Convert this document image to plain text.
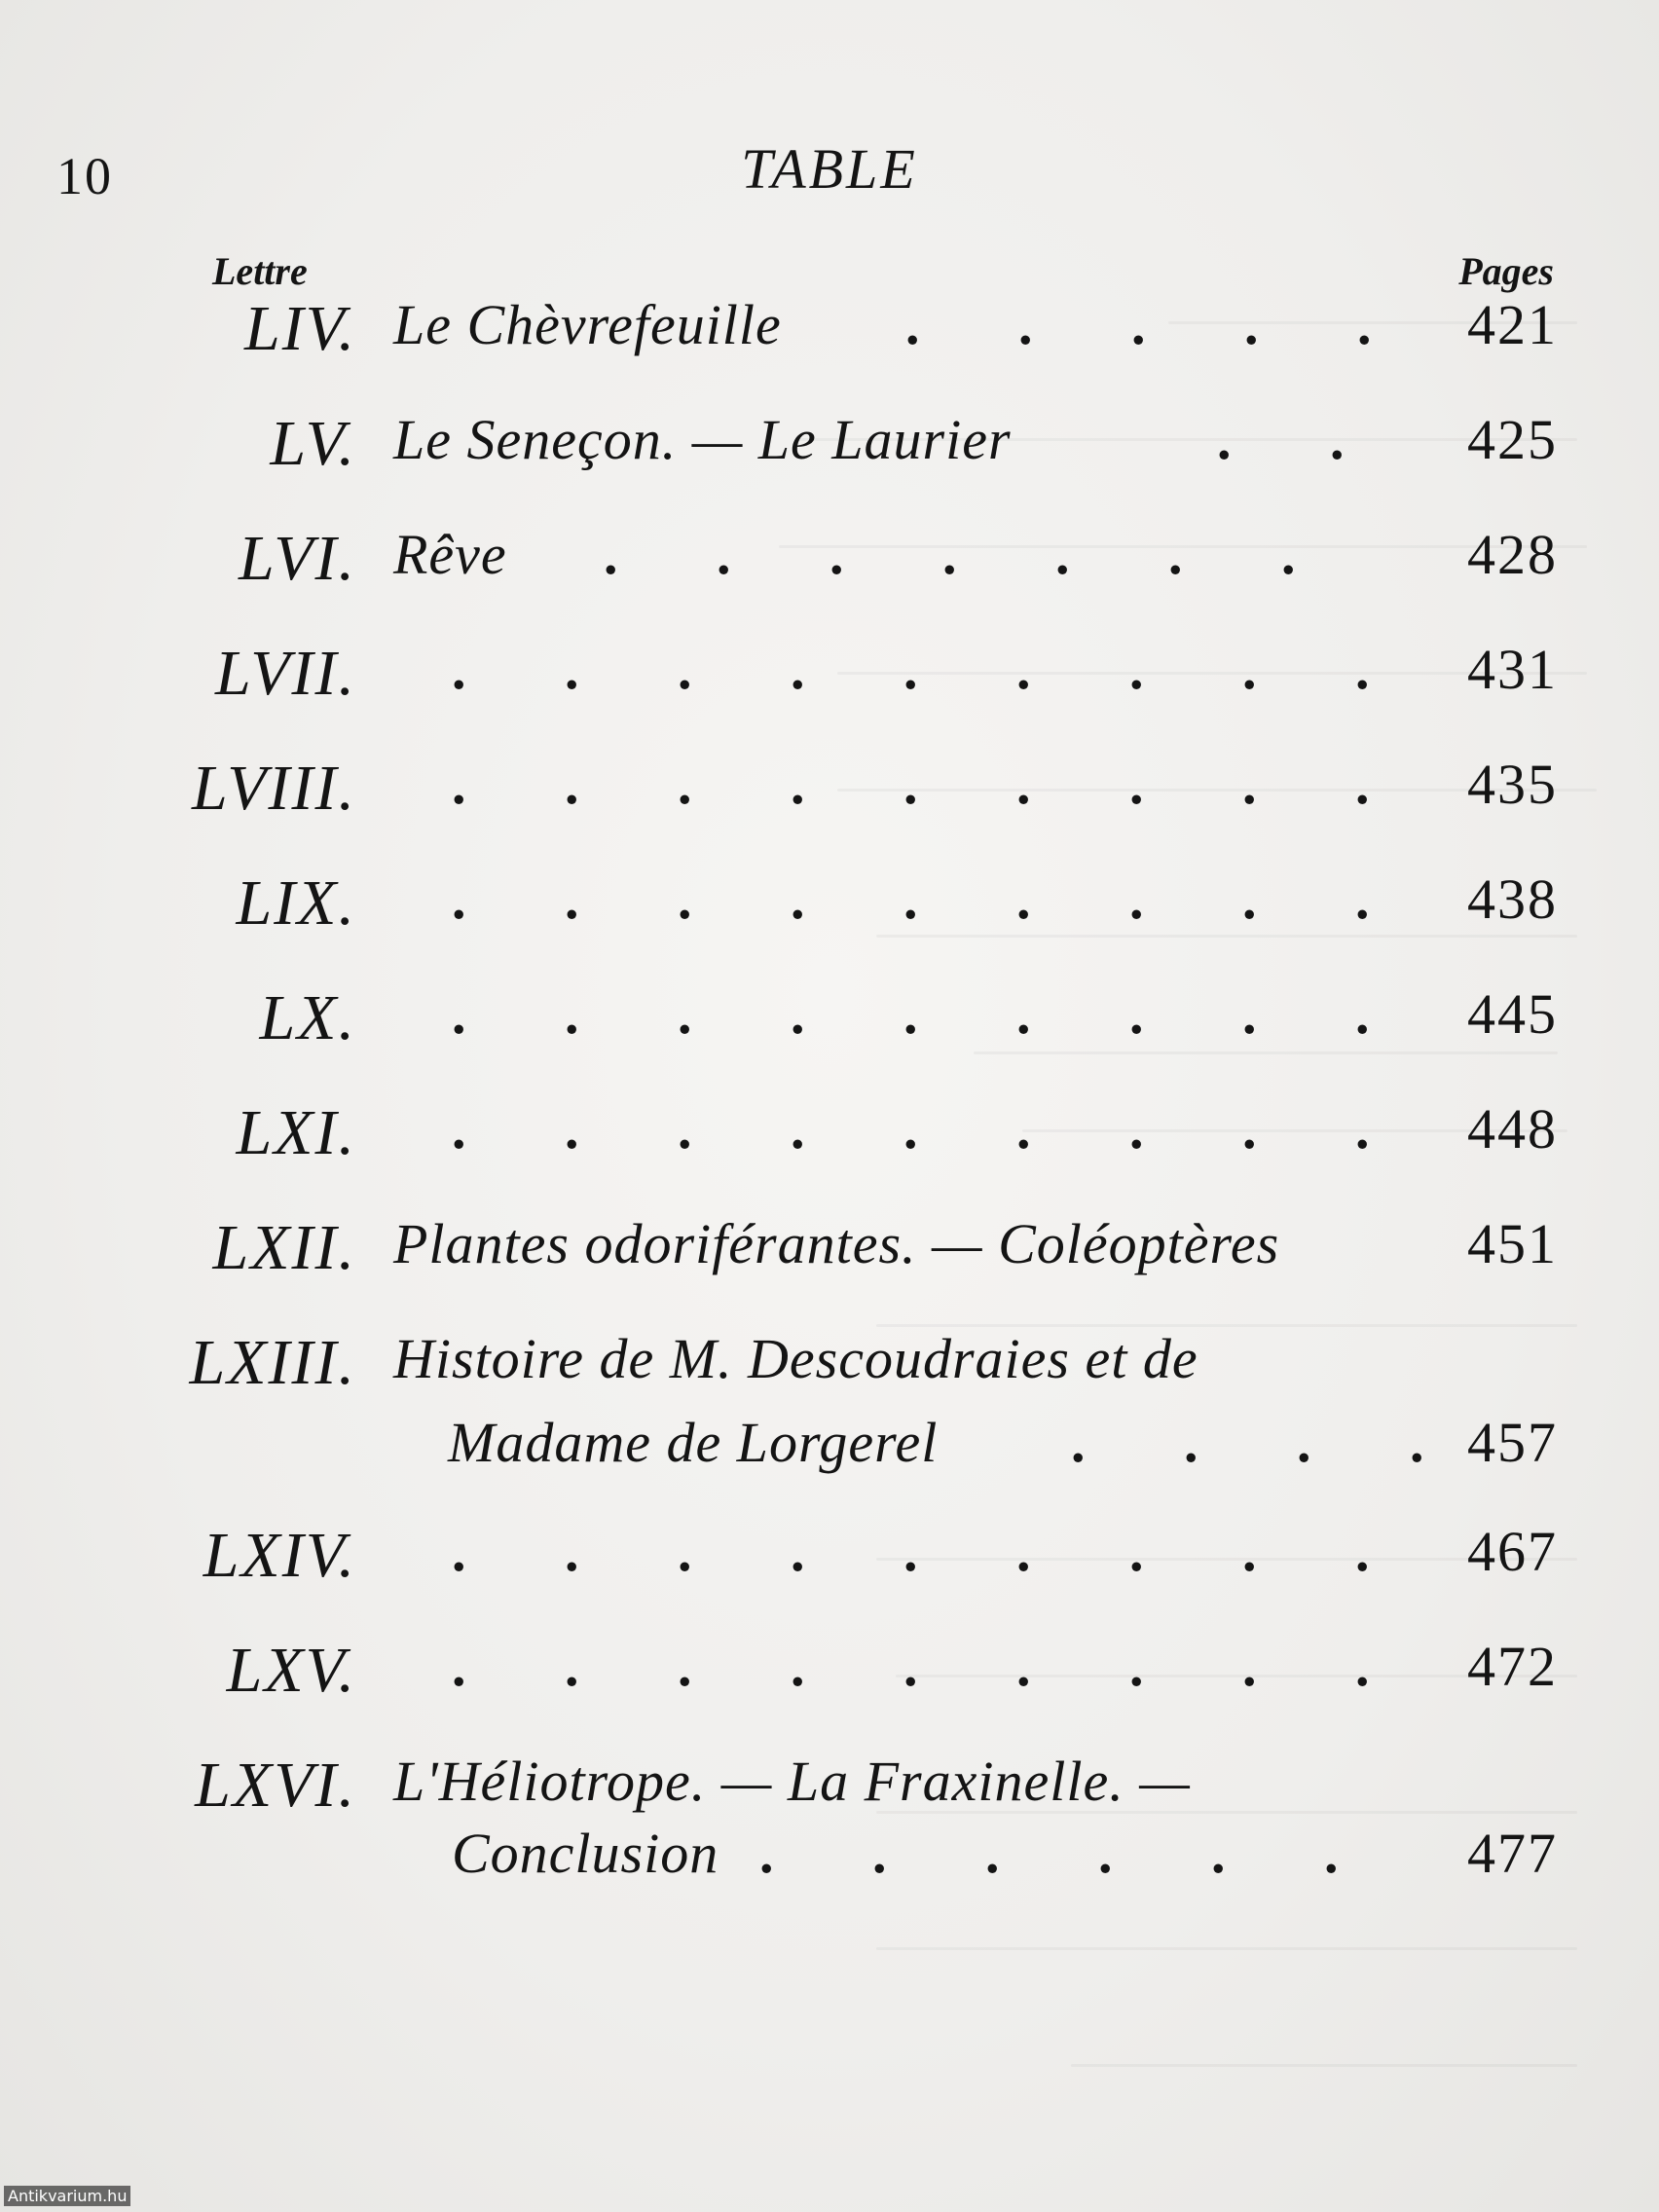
10	TABLE
Lettre	Pages
LIV. Le Chèvrefeuille .       .       .       .       . 421
LV. Le Seneçon. — Le Laurier	.       . 425
LVI. Rêve .       .       .       .       .       .       .	428
LVII. .       .       .       .       .       .       .       .       . 431
LVIII. .       .       .       .       .       .       .       .       . 435
LIX. .       .       .       .       .       .       .       .       . 438
LX. .       .       .       .       .       .       .       .       . 445
LXI. .       .       .       .       .       .       .       .       . 448
LXII. Plantes odoriférantes. — Coléoptères	451
LXIII. Histoire de M. Descoudraies et de
Madame de Lorgerel .       .       .       . 457
LXIV. .       .       .       .       .       .       .       .       . 467
LXV. .       .       .       .       .       .       .       .       . 472
LXVI. L'Héliotrope. — La Fraxinelle. —
Conclusion .       .       .       .       .       . 477
Antikvarium.hu
